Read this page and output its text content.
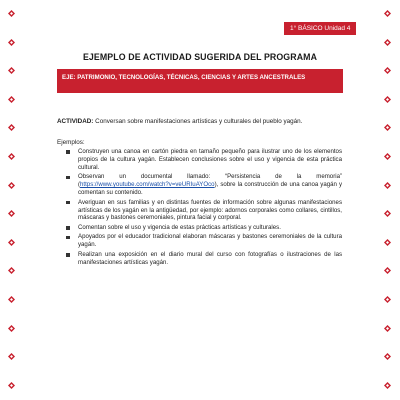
1° BÁSICO Unidad 4
EJEMPLO DE ACTIVIDAD SUGERIDA DEL PROGRAMA
EJE: PATRIMONIO, TECNOLOGÍAS, TÉCNICAS, CIENCIAS Y ARTES ANCESTRALES
ACTIVIDAD: Conversan sobre manifestaciones artísticas y culturales del pueblo yagán.
Ejemplos:
Construyen una canoa en cartón piedra en tamaño pequeño para ilustrar uno de los elementos propios de la cultura yagán. Establecen conclusiones sobre el uso y vigencia de esta práctica cultural.
Observan un documental llamado: “Persistencia de la memoria” (https://www.youtube.com/watch?v=veURIuAYOco), sobre la construcción de una canoa yagán y comentan su contenido.
Averiguan en sus familias y en distintas fuentes de información sobre algunas manifestaciones artísticas de los yagán en la antigüedad, por ejemplo: adornos corporales como collares, cintillos, máscaras y bastones ceremoniales, pintura facial y corporal.
Comentan sobre el uso y vigencia de estas prácticas artísticas y culturales.
Apoyados por el educador tradicional elaboran máscaras y bastones ceremoniales de la cultura yagán.
Realizan una exposición en el diario mural del curso con fotografías o ilustraciones de las manifestaciones artísticas yagán.
